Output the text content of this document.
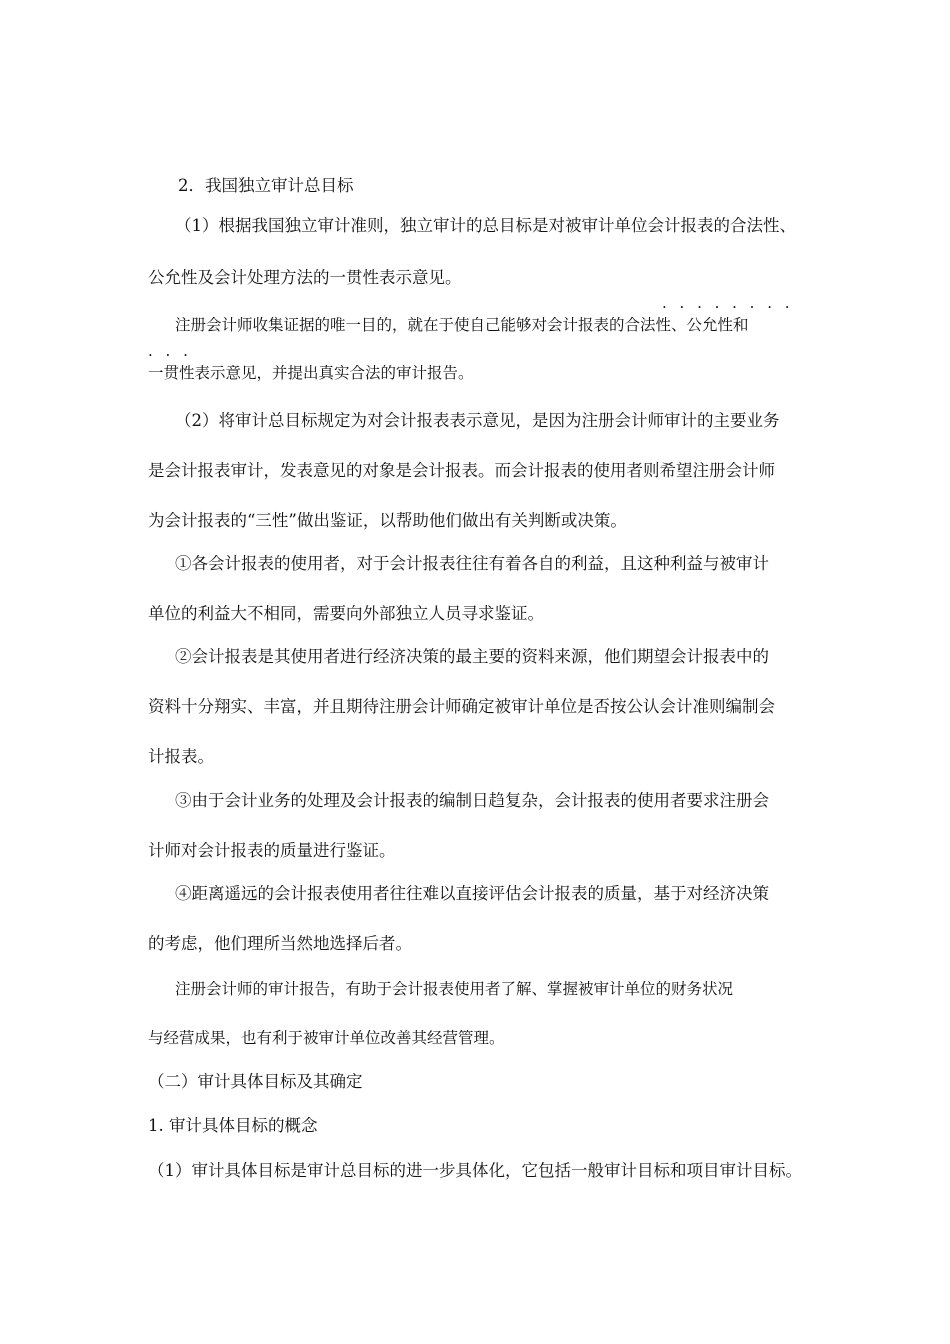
2．我国独立审计总目标
（1）根据我国独立审计准则，独立审计的总目标是对被审计单位会计报表的合法性、
公允性及会计处理方法的一贯性表示意见。
· · · · · · · ·
注册会计师收集证据的唯一目的，就在于使自己能够对会计报表的合法性、公允性和
· · ·
一贯性表示意见，并提出真实合法的审计报告。
（2）将审计总目标规定为对会计报表表示意见，是因为注册会计师审计的主要业务
是会计报表审计，发表意见的对象是会计报表。而会计报表的使用者则希望注册会计师
为会计报表的“三性”做出鉴证，以帮助他们做出有关判断或决策。
①各会计报表的使用者，对于会计报表往往有着各自的利益，且这种利益与被审计
单位的利益大不相同，需要向外部独立人员寻求鉴证。
②会计报表是其使用者进行经济决策的最主要的资料来源，他们期望会计报表中的
资料十分翔实、丰富，并且期待注册会计师确定被审计单位是否按公认会计准则编制会
计报表。
③由于会计业务的处理及会计报表的编制日趋复杂，会计报表的使用者要求注册会
计师对会计报表的质量进行鉴证。
④距离遥远的会计报表使用者往往难以直接评估会计报表的质量，基于对经济决策
的考虑，他们理所当然地选择后者。
注册会计师的审计报告，有助于会计报表使用者了解、掌握被审计单位的财务状况
与经营成果，也有利于被审计单位改善其经营管理。
（二）审计具体目标及其确定
1. 审计具体目标的概念
（1）审计具体目标是审计总目标的进一步具体化，它包括一般审计目标和项目审计目标。
